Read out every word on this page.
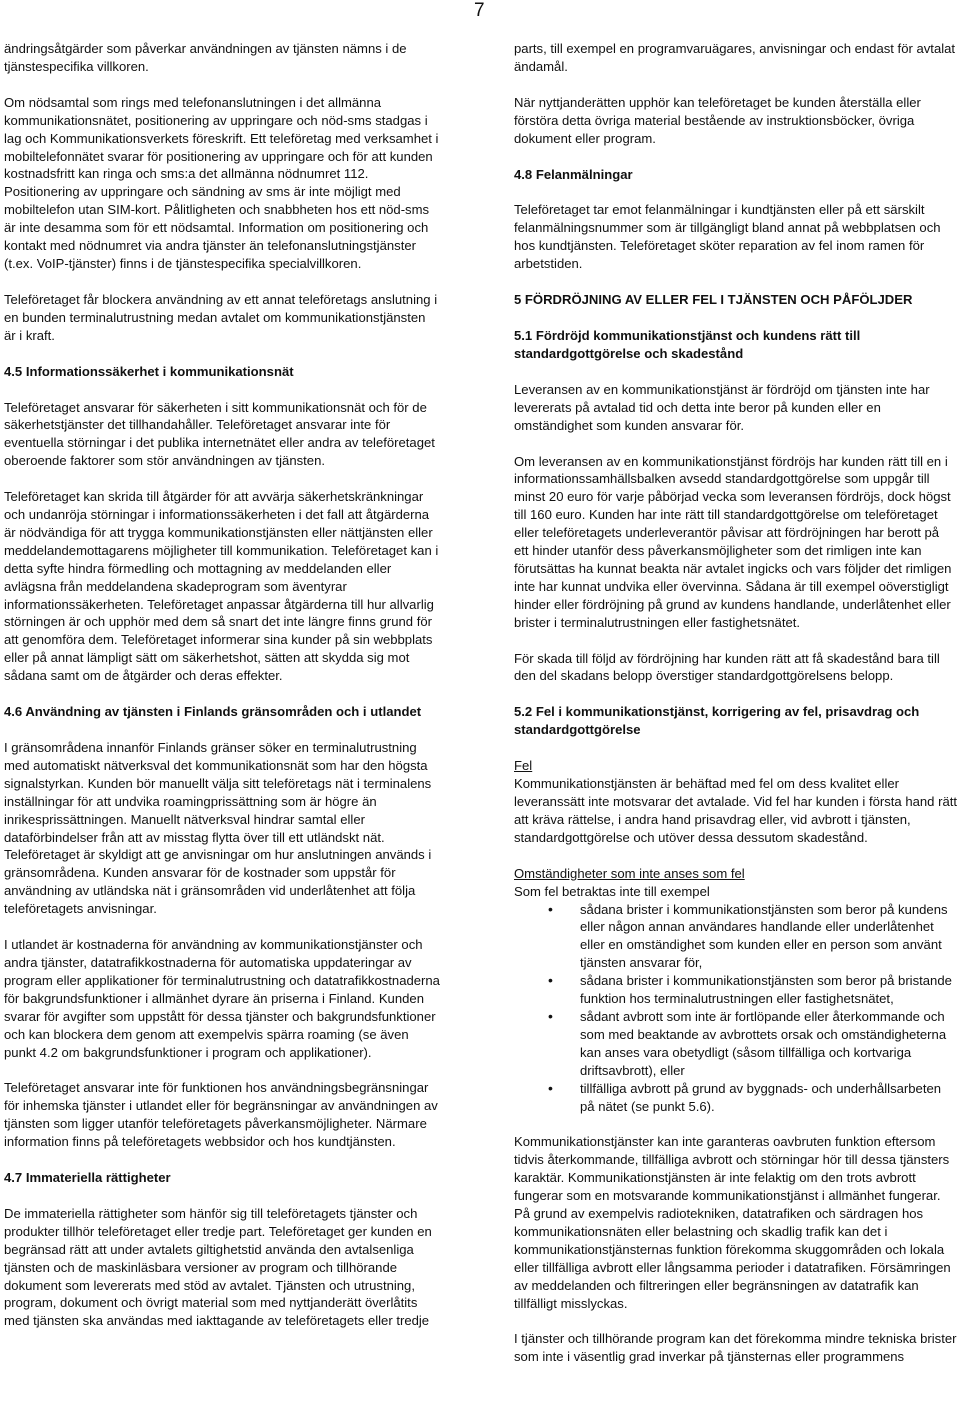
7

ändringsåtgärder som påverkar användningen av tjänsten nämns i de tjänstespecifika villkoren.

Om nödsamtal som rings med telefonanslutningen i det allmänna kommunikationsnätet, positionering av uppringare och nöd-sms stadgas i lag och Kommunikationsverkets föreskrift. Ett teleföretag med verksamhet i mobiltelefonnätet svarar för positionering av uppringare och för att kunden kostnadsfritt kan ringa och sms:a det allmänna nödnumret 112. Positionering av uppringare och sändning av sms är inte möjligt med mobiltelefon utan SIM-kort. Pålitligheten och snabbheten hos ett nöd-sms är inte desamma som för ett nödsamtal. Information om positionering och kontakt med nödnumret via andra tjänster än telefonanslutningstjänster (t.ex. VoIP-tjänster) finns i de tjänstespecifika specialvillkoren.

Teleföretaget får blockera användning av ett annat teleföretags anslutning i en bunden terminalutrustning medan avtalet om kommunikationstjänsten är i kraft.

4.5 Informationssäkerhet i kommunikationsnät

Teleföretaget ansvarar för säkerheten i sitt kommunikationsnät och för de säkerhetstjänster det tillhandahåller. Teleföretaget ansvarar inte för eventuella störningar i det publika internetnätet eller andra av teleföretaget oberoende faktorer som stör användningen av tjänsten.

Teleföretaget kan skrida till åtgärder för att avvärja säkerhetskränkningar och undanröja störningar i informationssäkerheten i det fall att åtgärderna är nödvändiga för att trygga kommunikationstjänsten eller nättjänsten eller meddelandemottagarens möjligheter till kommunikation. Teleföretaget kan i detta syfte hindra förmedling och mottagning av meddelanden eller avlägsna från meddelandena skadeprogram som äventyrar informationssäkerheten. Teleföretaget anpassar åtgärderna till hur allvarlig störningen är och upphör med dem så snart det inte längre finns grund för att genomföra dem. Teleföretaget informerar sina kunder på sin webbplats eller på annat lämpligt sätt om säkerhetshot, sätten att skydda sig mot sådana samt om de åtgärder och deras effekter.

4.6 Användning av tjänsten i Finlands gränsområden och i utlandet

I gränsområdena innanför Finlands gränser söker en terminalutrustning med automatiskt nätverksval det kommunikationsnät som har den högsta signalstyrkan. Kunden bör manuellt välja sitt teleföretags nät i terminalens inställningar för att undvika roamingprissättning som är högre än inrikesprissättningen. Manuellt nätverksval hindrar samtal eller dataförbindelser från att av misstag flytta över till ett utländskt nät. Teleföretaget är skyldigt att ge anvisningar om hur anslutningen används i gränsområdena. Kunden ansvarar för de kostnader som uppstår för användning av utländska nät i gränsområden vid underlåtenhet att följa teleföretagets anvisningar.

I utlandet är kostnaderna för användning av kommunikationstjänster och andra tjänster, datatrafikkostnaderna för automatiska uppdateringar av program eller applikationer för terminalutrustning och datatrafikkostnaderna för bakgrundsfunktioner i allmänhet dyrare än priserna i Finland. Kunden svarar för avgifter som uppstått för dessa tjänster och bakgrundsfunktioner och kan blockera dem genom att exempelvis spärra roaming (se även punkt 4.2 om bakgrundsfunktioner i program och applikationer).

Teleföretaget ansvarar inte för funktionen hos användningsbegränsningar för inhemska tjänster i utlandet eller för begränsningar av användningen av tjänsten som ligger utanför teleföretagets påverkansmöjligheter. Närmare information finns på teleföretagets webbsidor och hos kundtjänsten.

4.7 Immateriella rättigheter

De immateriella rättigheter som hänför sig till teleföretagets tjänster och produkter tillhör teleföretaget eller tredje part. Teleföretaget ger kunden en begränsad rätt att under avtalets giltighetstid använda den avtalsenliga tjänsten och de maskinläsbara versioner av program och tillhörande dokument som levererats med stöd av avtalet. Tjänsten och utrustning, program, dokument och övrigt material som med nyttjanderätt överlåtits med tjänsten ska användas med iakttagande av teleföretagets eller tredje

parts, till exempel en programvaruägares, anvisningar och endast för avtalat ändamål.

När nyttjanderätten upphör kan teleföretaget be kunden återställa eller förstöra detta övriga material bestående av instruktionsböcker, övriga dokument eller program.

4.8 Felanmälningar

Teleföretaget tar emot felanmälningar i kundtjänsten eller på ett särskilt felanmälningsnummer som är tillgängligt bland annat på webbplatsen och hos kundtjänsten. Teleföretaget sköter reparation av fel inom ramen för arbetstiden.

5 FÖRDRÖJNING AV ELLER FEL I TJÄNSTEN OCH PÅFÖLJDER
5.1 Fördröjd kommunikationstjänst och kundens rätt till standardgottgörelse och skadestånd

Leveransen av en kommunikationstjänst är fördröjd om tjänsten inte har levererats på avtalad tid och detta inte beror på kunden eller en omständighet som kunden ansvarar för.

Om leveransen av en kommunikationstjänst fördröjs har kunden rätt till en i informationssamhällsbalken avsedd standardgottgörelse som uppgår till minst 20 euro för varje påbörjad vecka som leveransen fördröjs, dock högst till 160 euro. Kunden har inte rätt till standardgottgörelse om teleföretaget eller teleföretagets underleverantör påvisar att fördröjningen har berott på ett hinder utanför dess påverkansmöjligheter som det rimligen inte kan förutsättas ha kunnat beakta när avtalet ingicks och vars följder det rimligen inte har kunnat undvika eller övervinna. Sådana är till exempel oöverstigligt hinder eller fördröjning på grund av kundens handlande, underlåtenhet eller brister i terminalutrustningen eller fastighetsnätet.

För skada till följd av fördröjning har kunden rätt att få skadestånd bara till den del skadans belopp överstiger standardgottgörelsens belopp.

5.2 Fel i kommunikationstjänst, korrigering av fel, prisavdrag och standardgottgörelse
Fel

Kommunikationstjänsten är behäftad med fel om dess kvalitet eller leveranssätt inte motsvarar det avtalade. Vid fel har kunden i första hand rätt att kräva rättelse, i andra hand prisavdrag eller, vid avbrott i tjänsten, standardgottgörelse och utöver dessa dessutom skadestånd.

Omständigheter som inte anses som fel
Som fel betraktas inte till exempel
• sådana brister i kommunikationstjänsten som beror på kundens eller någon annan användares handlande eller underlåtenhet eller en omständighet som kunden eller en person som använt tjänsten ansvarar för,
• sådana brister i kommunikationstjänsten som beror på bristande funktion hos terminalutrustningen eller fastighetsnätet,
• sådant avbrott som inte är fortlöpande eller återkommande och som med beaktande av avbrottets orsak och omständigheterna kan anses vara obetydligt (såsom tillfälliga och kortvariga driftsavbrott), eller
• tillfälliga avbrott på grund av byggnads- och underhållsarbeten på nätet (se punkt 5.6).

Kommunikationstjänster kan inte garanteras oavbruten funktion eftersom tidvis återkommande, tillfälliga avbrott och störningar hör till dessa tjänsters karaktär. Kommunikationstjänsten är inte felaktig om den trots avbrott fungerar som en motsvarande kommunikationstjänst i allmänhet fungerar. På grund av exempelvis radiotekniken, datatrafiken och särdragen hos kommunikationsnäten eller belastning och skadlig trafik kan det i kommunikationstjänsternas funktion förekomma skuggområden och lokala eller tillfälliga avbrott eller långsamma perioder i datatrafiken. Försämringen av meddelanden och filtreringen eller begränsningen av datatrafik kan tillfälligt misslyckas.

I tjänster och tillhörande program kan det förekomma mindre tekniska brister som inte i väsentlig grad inverkar på tjänsternas eller programmens
